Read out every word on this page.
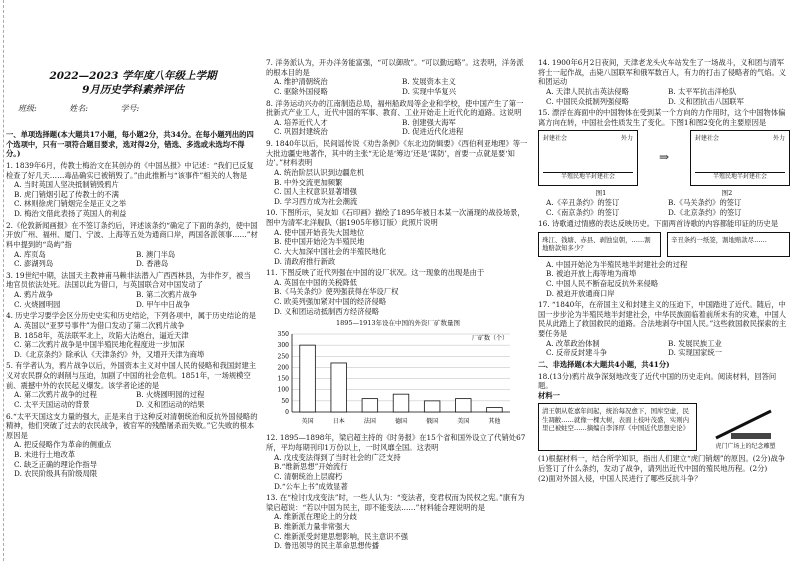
2022—2023 学年度八年级上学期
9月历史学科素养评估
班级:	姓名:	学号:
一、单项选择题(本大题共17小题，每小题2分，共34分。在每小题列出的四个选项中，只有一项符合题目要求，选对得2分，错选、多选或未选均不得分。)
1. 1839年6月，传教士梅治文在其创办的《中国丛报》中记述：“我们已反复检查了好几天……毒品确实已被销毁了。”由此推断与“该事件”相关的人物是
A. 当时英国人坚决抵制销毁鸦片
B. 虎门销烟引起了传教士的不满
C. 林则徐虎门销烟完全是正义之举
D. 梅治文借此表扬了英国人的利益
2.《伦敦新闻画报》在不签订条约后，评述该条约“确定了下面的条约，使中国开放广州、福州、厦门、宁波、上海等五处为通商口岸，两国各派领事……”材料中提到的“岛屿”指
A. 库页岛	B. 澳门半岛
C. 澎湖列岛	D. 香港岛
3. 19世纪中期，法国天主教神甫马赖非法潜入广西西林县，为非作歹，被当地官员依法处死。法国以此为借口，与英国联合对中国发动了
A. 鸦片战争	B. 第二次鸦片战争
C. 火烧圆明园	D. 甲午中日战争
4. 历史学习要学会区分历史史实和历史结论，下列各项中，属于历史结论的是
A. 英国以“亚罗号事件”为借口发动了第二次鸦片战争
B. 1858年，英法联军北上，攻陷大沽炮台，逼近天津
C. 第二次鸦片战争是中国半殖民地化程度进一步加深
D.《北京条约》除承认《天津条约》外，又增开天津为商埠
5. 有学者认为，鸦片战争以后，外国资本主义对中国人民的侵略和我国封建主义对农民群众的剥削与压迫，加剧了中国的社会危机。1851年，一场规模空前、震撼中外的农民起义爆发。该学者论述的是
A. 第二次鸦片战争的过程	B. 火烧圆明园的过程
C. 太平天国运动的背景	D. 义和团运动的结果
6.“太平天国这支力量的强大，正是来自于这种反对清朝统治和反抗外国侵略的精神，他们突破了过去的农民战争，被官军的残酷屠杀而失败。”它失败的根本原因是
A. 把反侵略作为革命的侧重点
B. 未进行土地改革
C. 缺乏正确的理论作指导
D. 农民阶级具有阶级局限
7. 洋务派认为，开办洋务能富强，“可以御敌”。“可以勤远略”。这表明，洋务派的根本目的是
A. 维护清朝统治	B. 发展资本主义
C. 驱除外国侵略	D. 实现中华复兴
8. 洋务运动兴办的江南制造总局，福州船政局等企业和学校，使中国产生了第一批新式产业工人，近代中国的军事、教育、工业开始走上近代化的道路。这说明
A. 培养近代人才	B. 创建强大海军
C. 巩固封建统治	D. 促进近代化进程
9. 1840年以后，民间谣传说《劝告条例》《东北边防辑要》《西伯利亚地理》等一大批边疆史地著作，其中的主张“无论是‘筹边’还是‘谋防’，首要一点就是要‘知边’。”材料表明
A. 统治阶层认识到边疆危机
B. 中外交流更加频繁
C. 国人主权意识显著增强
D. 学习西方成为社会潮流
10. 下图所示，吴友如《石印画》描绘了1895年被日本某一次涌现的战役场景，图中为清军北洋舰队（据1905年修订版）此照片说明
A. 使中国开始丧失大国地位
B. 使中国开始沦为半殖民地
C. 大大加深中国社会的半殖民地化
D. 清政府推行新政
11. 下图反映了近代列强在中国的设厂状况。这一现象的出现是由于
A. 英国在中国的关税降低
B.《马关条约》使列强获得在华设厂权
C. 欧美列强加紧对中国的经济侵略
D. 义和团运动抵制西方经济侵略
1895—1913年设在中国的外资厂矿数量图
0
50
100
150
200
250
300
350
英国	日本	法国	德国	俄国	美国	其他
厂矿数（个）
12. 1895—1898年，梁启超主持的《时务报》在15个省和国外设立了代销处67所，平均每期刊印1万份以上，一时风靡全国。这表明
A. 戊戌变法得到了当时社会的广泛支持
B.“维新思想”开始流行
C. 清朝统治上层腐朽
D.“公车上书”成效显著
13. 在“检讨戊戌变法”时，一些人认为：“变法者，变君权而为民权之宪。”康有为梁启超说：“若以中国为民主，即不能变法……”材料能合理说明的是
A. 维新派在理论上的分歧
B. 维新派力量非常强大
C. 维新派受封建思想影响，民主意识不强
D. 鲁迅领导的民主革命思想传播
14. 1900年6月2日夜间，天津老龙头火车站发生了一场战斗，义和团与清军将士一起作战，击毙八国联军和俄军数百人，有力的打击了侵略者的气焰。义和团运动
A. 天津人民抗击英法侵略	B. 太平军抗击洋枪队
C. 中国民众抵制列强侵略	D. 义和团抗击八国联军
15. 漂浮在海面中的中国物体在受到某一个方向的力作用时，这个中国物体偏离方向在转，中国社会性质发生了变化。下图1和图2变化的主要原因是
封建社会	外力
半殖民地半封建社会
⇒
封建社会	外力
半殖民地半封建社会
图1	图2
A.《辛丑条约》的签订	B.《马关条约》的签订
C.《南京条约》的签订	D.《北京条约》的签订
16. 诗歌通过情感的表达反映历史。下面两首诗歌的内容都能印证的历史是
珠江、钱塘、赤县、剥蚀皇朝，……割地赔款知多少？
辛丑条约一纸签，割地赔款尽……
A. 中国开始沦为半殖民地半封建社会的过程
B. 被迫开放上海等地为商埠
C. 中国人民不断奋起反抗外来侵略
D. 被迫开放通商口岸
17. “1840年，在帝国主义和封建主义的压迫下，中国踏进了近代。随后，中国一步步沦为半殖民地半封建社会，中华民族面临着前所未有的灾难，中国人民从此踏上了救国救民的道路。合法地剥夺中国人民。”这些救国救民探索的主要任务是
A. 改革政治体制	B. 发展民族工业
C. 反帝反封建斗争	D. 实现国家统一
二、非选择题(本大题共4小题，共41分)
18.(13分)鸦片战争深刻地改变了近代中国的历史走向。阅读材料，回答问题。
材料一
清王朝从乾嘉年间起，统治每况愈下，国库空虚，民生凋敝……就像一棵大树，表面上枝叶茂盛，实则内里已被蛀空……摘编自李泽厚《中国近代思想史论》
虎门广场上的纪念雕塑
(1)根据材料一，结合所学知识，指出人们建立“虎门销烟”的原因。(2分)战争后签订了什么条约，发动了战争，请列出近代中国的殖民地历程。(2分)
(2)面对外国入侵，中国人民进行了哪些反抗斗争？
